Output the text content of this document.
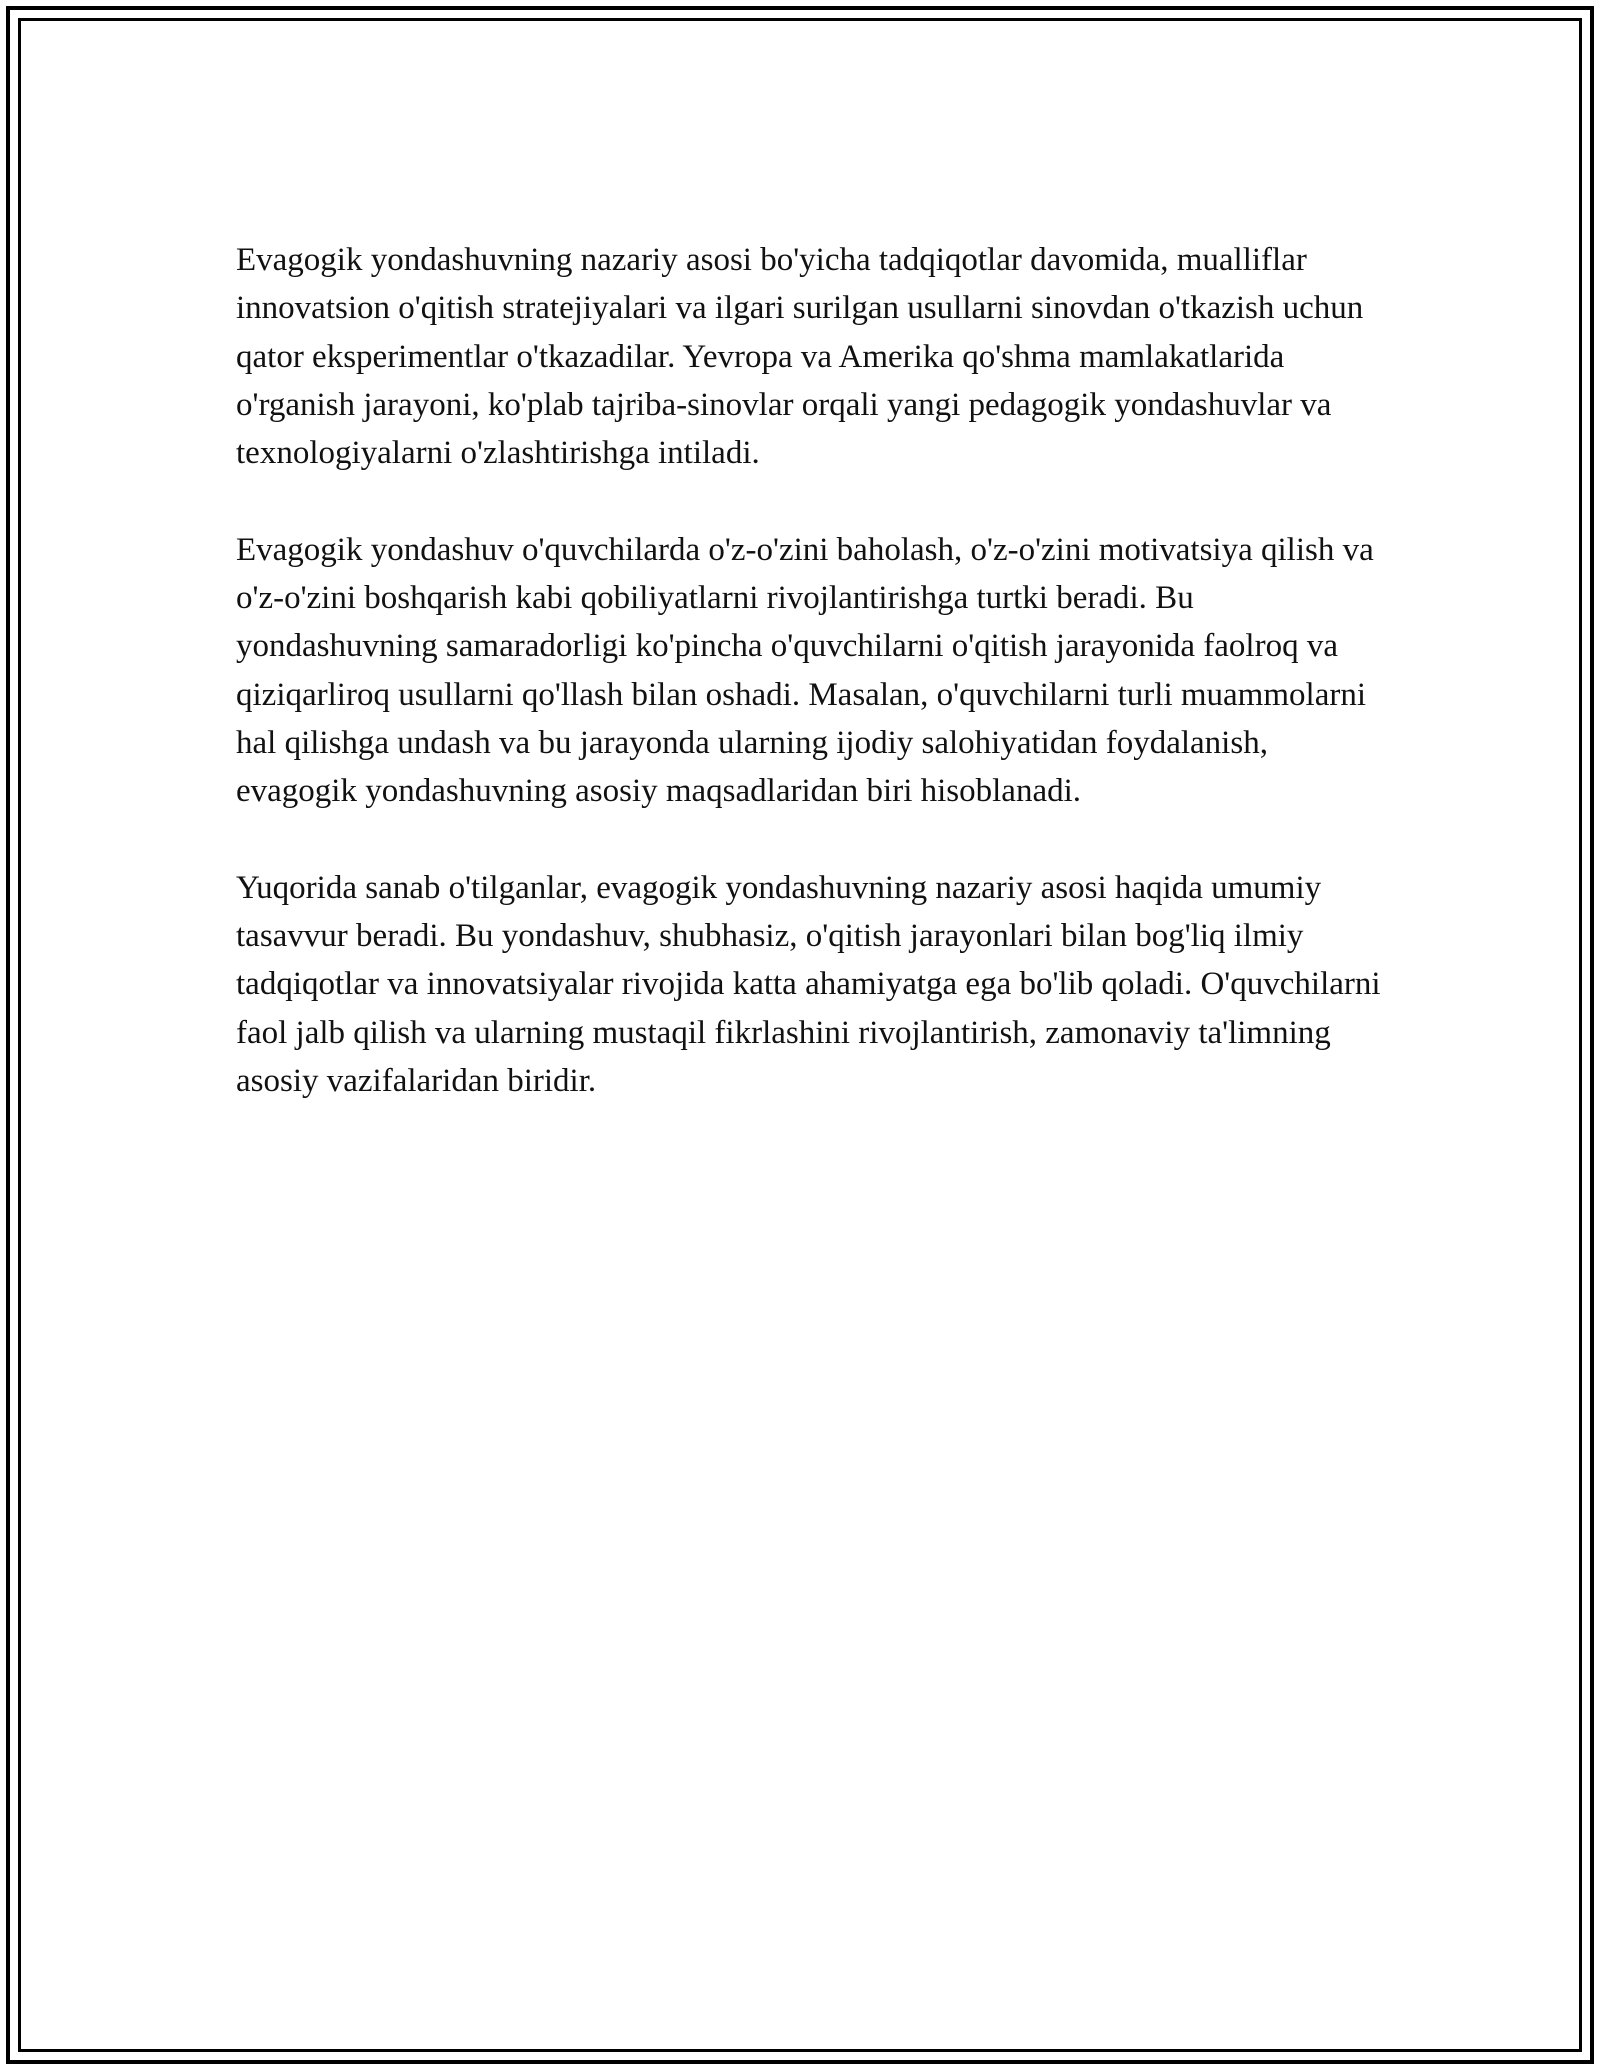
Evagogik yondashuvning nazariy asosi bo'yicha tadqiqotlar davomida, mualliflar innovatsion o'qitish stratejiyalari va ilgari surilgan usullarni sinovdan o'tkazish uchun qator eksperimentlar o'tkazadilar. Yevropa va Amerika qo'shma mamlakatlarida o'rganish jarayoni, ko'plab tajriba-sinovlar orqali yangi pedagogik yondashuvlar va texnologiyalarni o'zlashtirishga intiladi.

Evagogik yondashuv o'quvchilarda o'z-o'zini baholash, o'z-o'zini motivatsiya qilish va o'z-o'zini boshqarish kabi qobiliyatlarni rivojlantirishga turtki beradi. Bu yondashuvning samaradorligi ko'pincha o'quvchilarni o'qitish jarayonida faolroq va qiziqarliroq usullarni qo'llash bilan oshadi. Masalan, o'quvchilarni turli muammolarni hal qilishga undash va bu jarayonda ularning ijodiy salohiyatidan foydalanish, evagogik yondashuvning asosiy maqsadlaridan biri hisoblanadi.

Yuqorida sanab o'tilganlar, evagogik yondashuvning nazariy asosi haqida umumiy tasavvur beradi. Bu yondashuv, shubhasiz, o'qitish jarayonlari bilan bog'liq ilmiy tadqiqotlar va innovatsiyalar rivojida katta ahamiyatga ega bo'lib qoladi. O'quvchilarni faol jalb qilish va ularning mustaqil fikrlashini rivojlantirish, zamonaviy ta'limning asosiy vazifalaridan biridir.
